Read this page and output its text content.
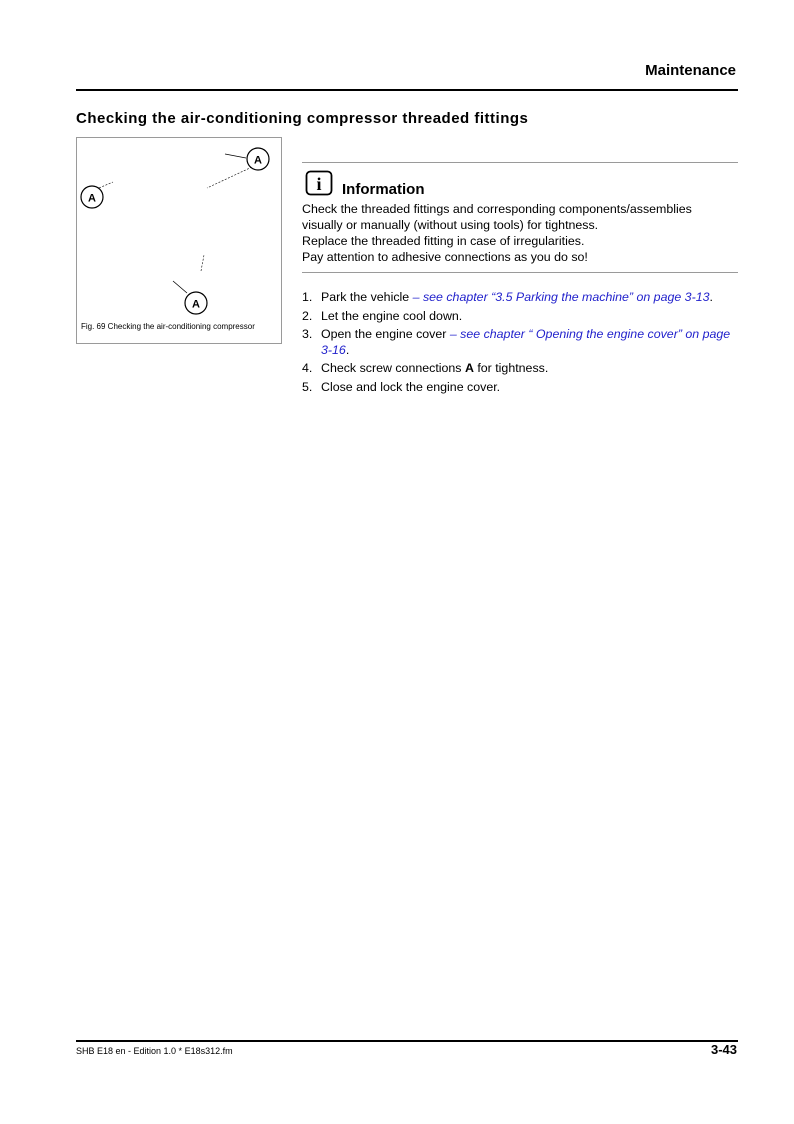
Maintenance
Checking the air-conditioning compressor threaded fittings
A
A
A
Fig. 69 Checking the air-conditioning compressor
i Information
Check the threaded fittings and corresponding components/assemblies
visually or manually (without using tools) for tightness.
Replace the threaded fitting in case of irregularities.
Pay attention to adhesive connections as you do so!
1. Park the vehicle – see chapter “3.5 Parking the machine” on page 3-13.
2. Let the engine cool down.
3. Open the engine cover – see chapter “ Opening the engine cover” on page 3-16.
4. Check screw connections A for tightness.
5. Close and lock the engine cover.
SHB E18 en - Edition 1.0 * E18s312.fm	3-43
